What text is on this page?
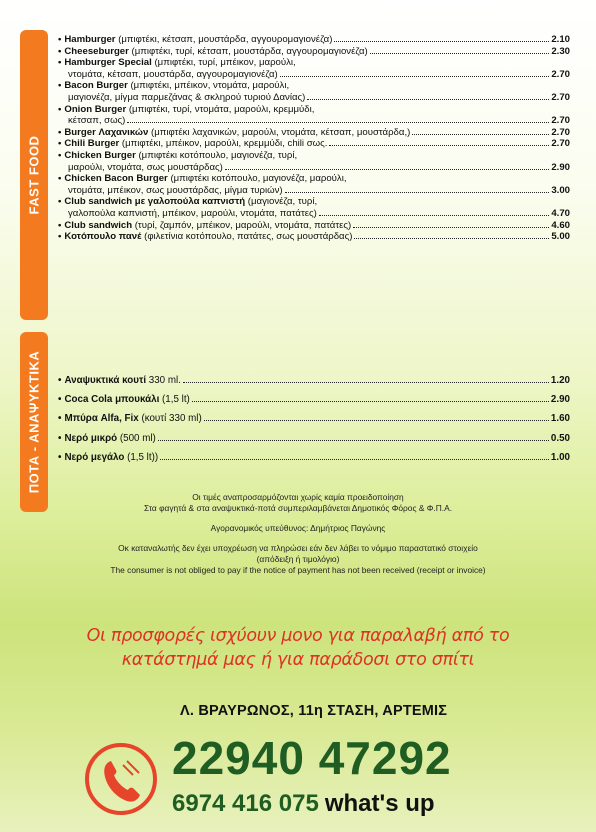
FAST FOOD
ΠΟΤΑ - ΑΝΑΨΥΚΤΙΚΑ
• Hamburger (μπιφτέκι, κέτσαπ, μουστάρδα, αγγουρομαγιονέζα)	2.10
• Cheeseburger (μπιφτέκι, τυρί, κέτσαπ, μουστάρδα, αγγουρομαγιονέζα)	2.30
• Hamburger Special (μπιφτέκι, τυρί, μπέικον, μαρούλι,
ντομάτα, κέτσαπ, μουστάρδα, αγγουρομαγιονέζα)	2.70
• Bacon Burger (μπιφτέκι, μπέικον, ντομάτα, μαρούλι,
μαγιονέζα, μίγμα παρμεζάνας & σκληρού τυριού Δανίας)	2.70
• Onion Burger (μπιφτέκι, τυρί, ντομάτα, μαρούλι, κρεμμύδι,
κέτσαπ, σως)	2.70
• Burger Λαχανικών (μπιφτέκι λαχανικών, μαρούλι, ντομάτα, κέτσαπ, μουστάρδα,)	2.70
• Chili Burger (μπιφτέκι, μπέικον, μαρούλι, κρεμμύδι, chili σως.	2.70
• Chicken Burger (μπιφτέκι κοτόπουλο, μαγιονέζα, τυρί,
μαρούλι, ντομάτα, σως μουστάρδας)	2.90
• Chicken Bacon Burger (μπιφτέκι κοτόπουλο, μαγιονέζα, μαρούλι,
ντομάτα, μπέικον, σως μουστάρδας, μίγμα τυριών)	3.00
• Club sandwich με γαλοπούλα καπνιστή (μαγιονέζα, τυρί,
γαλοπούλα καπνιστή, μπέικον, μαρούλι, ντομάτα, πατάτες)	4.70
• Club sandwich (τυρί, ζαμπόν, μπέικον, μαρούλι, ντομάτα, πατάτες)	4.60
• Κοτόπουλο πανέ (φιλετίνια κοτόπουλο, πατάτες, σως μουστάρδας)	5.00
• Αναψυκτικά κουτί 330 ml.	1.20
• Coca Cola μπουκάλι (1,5 lt)	2.90
• Μπύρα Alfa, Fix (κουτί 330 ml)	1.60
• Νερό μικρό (500 ml)	0.50
• Νερό μεγάλο (1,5 lt))	1.00

Οι τιμές αναπροσαρμόζονται χωρίς καμία προειδοποίηση

Στα φαγητά & στα αναψυκτικά-ποτά συμπεριλαμβάνεται Δημοτικός Φόρος & Φ.Π.Α.

Αγορανομικός υπεύθυνος: Δημήτριος Παγώνης

Οκ καταναλωτής δεν έχει υποχρέωση να πληρώσει εάν δεν λάβει το νόμιμο παραστατικό στοιχείο

(απόδειξη ή τιμολόγιο)

The consumer is not obliged to pay if the notice of payment has not been received (receipt or invoice)

Οι προσφορές ισχύουν μονο για παραλαβή από το
κατάστημά μας ή για παράδοσι στο σπίτι
Λ. ΒΡΑΥΡΩΝΟΣ, 11η ΣΤΑΣΗ, ΑΡΤΕΜΙΣ
22940 47292
6974 416 075 what's up
